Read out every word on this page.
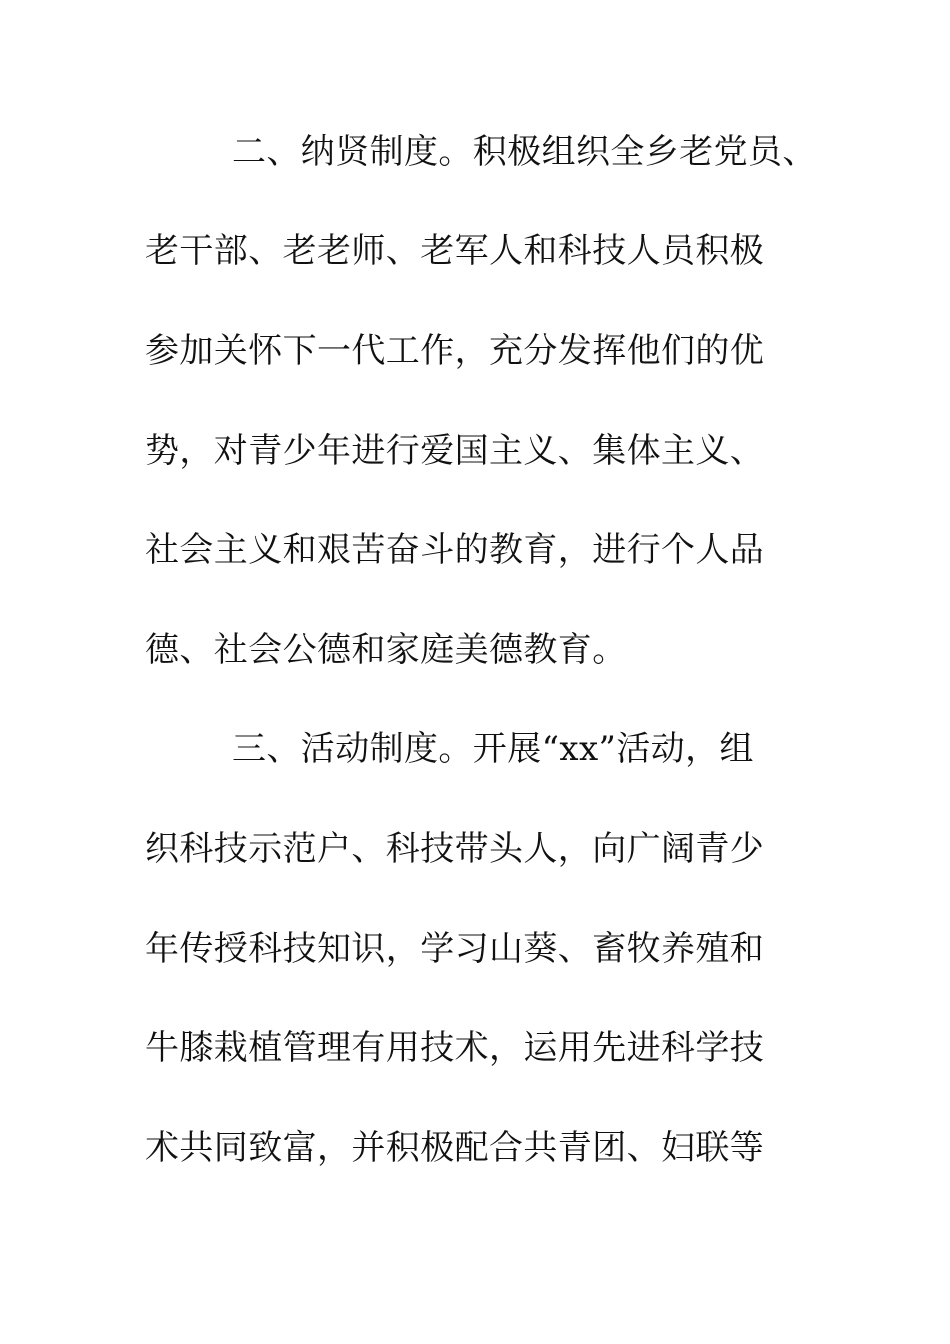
二、纳贤制度。积极组织全乡老党员、
老干部、老老师、老军人和科技人员积极
参加关怀下一代工作，充分发挥他们的优
势，对青少年进行爱国主义、集体主义、
社会主义和艰苦奋斗的教育，进行个人品
德、社会公德和家庭美德教育。
三、活动制度。开展“xx”活动，组
织科技示范户、科技带头人，向广阔青少
年传授科技知识，学习山葵、畜牧养殖和
牛膝栽植管理有用技术，运用先进科学技
术共同致富，并积极配合共青团、妇联等
